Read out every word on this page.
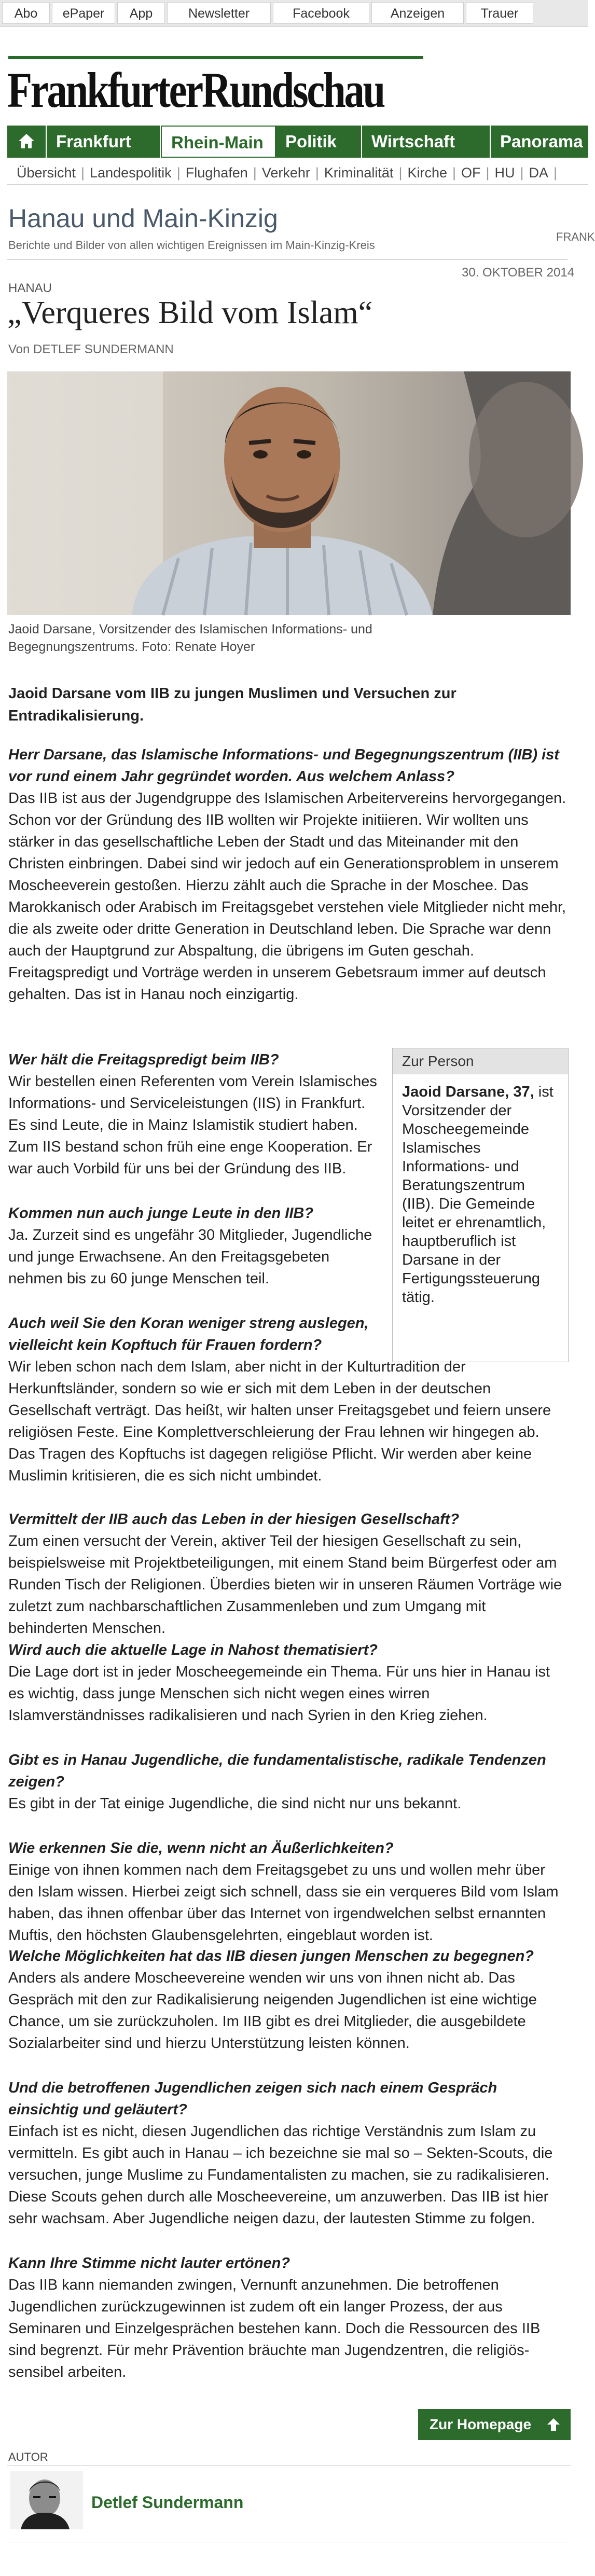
Abo	ePaper	App	Newsletter	Facebook	Anzeigen	Trauer
FrankfurterRundschau
Frankfurt	Rhein-Main	Politik	Wirtschaft	Panorama
Übersicht | Landespolitik | Flughafen | Verkehr | Kriminalität | Kirche | OF | HU | DA |
Hanau und Main-Kinzig
Berichte und Bilder von allen wichtigen Ereignissen im Main-Kinzig-Kreis
FRANK
30. OKTOBER 2014
HANAU
„Verqueres Bild vom Islam“
Von DETLEF SUNDERMANN
Jaoid Darsane, Vorsitzender des Islamischen Informations- und Begegnungszentrums. Foto: Renate Hoyer
Jaoid Darsane vom IIB zu jungen Muslimen und Versuchen zur Entradikalisierung.
Herr Darsane, das Islamische Informations- und Begegnungszentrum (IIB) ist vor rund einem Jahr gegründet worden. Aus welchem Anlass?
Das IIB ist aus der Jugendgruppe des Islamischen Arbeitervereins hervorgegangen. Schon vor der Gründung des IIB wollten wir Projekte initiieren. Wir wollten uns stärker in das gesellschaftliche Leben der Stadt und das Miteinander mit den Christen einbringen. Dabei sind wir jedoch auf ein Generationsproblem in unserem Moscheeverein gestoßen. Hierzu zählt auch die Sprache in der Moschee. Das Marokkanisch oder Arabisch im Freitagsgebet verstehen viele Mitglieder nicht mehr, die als zweite oder dritte Generation in Deutschland leben. Die Sprache war denn auch der Hauptgrund zur Abspaltung, die übrigens im Guten geschah. Freitagspredigt und Vorträge werden in unserem Gebetsraum immer auf deutsch gehalten. Das ist in Hanau noch einzigartig.
Wer hält die Freitagspredigt beim IIB?
Wir bestellen einen Referenten vom Verein Islamisches Informations- und Serviceleistungen (IIS) in Frankfurt. Es sind Leute, die in Mainz Islamistik studiert haben. Zum IIS bestand schon früh eine enge Kooperation. Er war auch Vorbild für uns bei der Gründung des IIB.
Kommen nun auch junge Leute in den IIB?
Ja. Zurzeit sind es ungefähr 30 Mitglieder, Jugendliche und junge Erwachsene. An den Freitagsgebeten nehmen bis zu 60 junge Menschen teil.
Zur Person
Jaoid Darsane, 37, ist Vorsitzender der Moscheegemeinde Islamisches Informations- und Beratungszentrum (IIB). Die Gemeinde leitet er ehrenamtlich, hauptberuflich ist Darsane in der Fertigungssteuerung tätig.
Auch weil Sie den Koran weniger streng auslegen, vielleicht kein Kopftuch für Frauen fordern?
Wir leben schon nach dem Islam, aber nicht in der Kulturtradition der Herkunftsländer, sondern so wie er sich mit dem Leben in der deutschen Gesellschaft verträgt. Das heißt, wir halten unser Freitagsgebet und feiern unsere religiösen Feste. Eine Komplettverschleierung der Frau lehnen wir hingegen ab. Das Tragen des Kopftuchs ist dagegen religiöse Pflicht. Wir werden aber keine Muslimin kritisieren, die es sich nicht umbindet.
Vermittelt der IIB auch das Leben in der hiesigen Gesellschaft?
Zum einen versucht der Verein, aktiver Teil der hiesigen Gesellschaft zu sein, beispielsweise mit Projektbeteiligungen, mit einem Stand beim Bürgerfest oder am Runden Tisch der Religionen. Überdies bieten wir in unseren Räumen Vorträge wie zuletzt zum nachbarschaftlichen Zusammenleben und zum Umgang mit behinderten Menschen.
Wird auch die aktuelle Lage in Nahost thematisiert?
Die Lage dort ist in jeder Moscheegemeinde ein Thema. Für uns hier in Hanau ist es wichtig, dass junge Menschen sich nicht wegen eines wirren Islamverständnisses radikalisieren und nach Syrien in den Krieg ziehen.
Gibt es in Hanau Jugendliche, die fundamentalistische, radikale Tendenzen zeigen?
Es gibt in der Tat einige Jugendliche, die sind nicht nur uns bekannt.
Wie erkennen Sie die, wenn nicht an Äußerlichkeiten?
Einige von ihnen kommen nach dem Freitagsgebet zu uns und wollen mehr über den Islam wissen. Hierbei zeigt sich schnell, dass sie ein verqueres Bild vom Islam haben, das ihnen offenbar über das Internet von irgendwelchen selbst ernannten Muftis, den höchsten Glaubensgelehrten, eingeblaut worden ist.
Welche Möglichkeiten hat das IIB diesen jungen Menschen zu begegnen?
Anders als andere Moscheevereine wenden wir uns von ihnen nicht ab. Das Gespräch mit den zur Radikalisierung neigenden Jugendlichen ist eine wichtige Chance, um sie zurückzuholen. Im IIB gibt es drei Mitglieder, die ausgebildete Sozialarbeiter sind und hierzu Unterstützung leisten können.
Und die betroffenen Jugendlichen zeigen sich nach einem Gespräch einsichtig und geläutert?
Einfach ist es nicht, diesen Jugendlichen das richtige Verständnis zum Islam zu vermitteln. Es gibt auch in Hanau – ich bezeichne sie mal so – Sekten-Scouts, die versuchen, junge Muslime zu Fundamentalisten zu machen, sie zu radikalisieren. Diese Scouts gehen durch alle Moscheevereine, um anzuwerben. Das IIB ist hier sehr wachsam. Aber Jugendliche neigen dazu, der lautesten Stimme zu folgen.
Kann Ihre Stimme nicht lauter ertönen?
Das IIB kann niemanden zwingen, Vernunft anzunehmen. Die betroffenen Jugendlichen zurückzugewinnen ist zudem oft ein langer Prozess, der aus Seminaren und Einzelgesprächen bestehen kann. Doch die Ressourcen des IIB sind begrenzt. Für mehr Prävention bräuchte man Jugendzentren, die religiös-sensibel arbeiten.
Zur Homepage
AUTOR
Detlef Sundermann
